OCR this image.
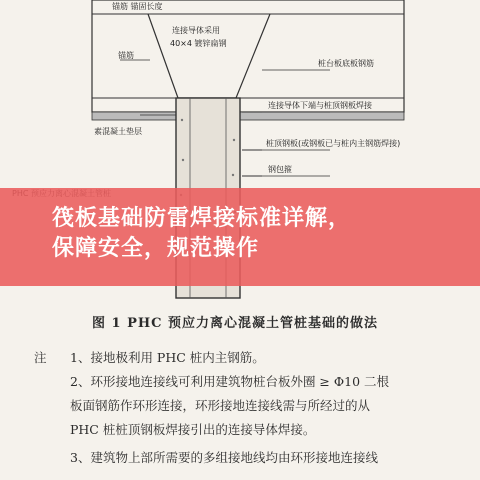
锚筋 锚固长度
连接导体采用
40×4 镀锌扁钢
锚筋
桩台板底板钢筋
素混凝土垫层
连接导体下端与桩顶钢板焊接
桩顶钢板(或钢板已与桩内主钢筋焊接)
钢包箍
筏板基础防雷焊接标准详解，
保障安全，规范操作
图 1 PHC 预应力离心混凝土管桩基础的做法
注 1、接地极利用 PHC 桩内主钢筋。
2、环形接地连接线可利用建筑物桩台板外圈 ≥ Φ10 二根
板面钢筋作环形连接，环形接地连接线需与所经过的从
PHC 桩桩顶钢板焊接引出的连接导体焊接。
3、建筑物上部所需要的多组接地线均由环形接地连接线
